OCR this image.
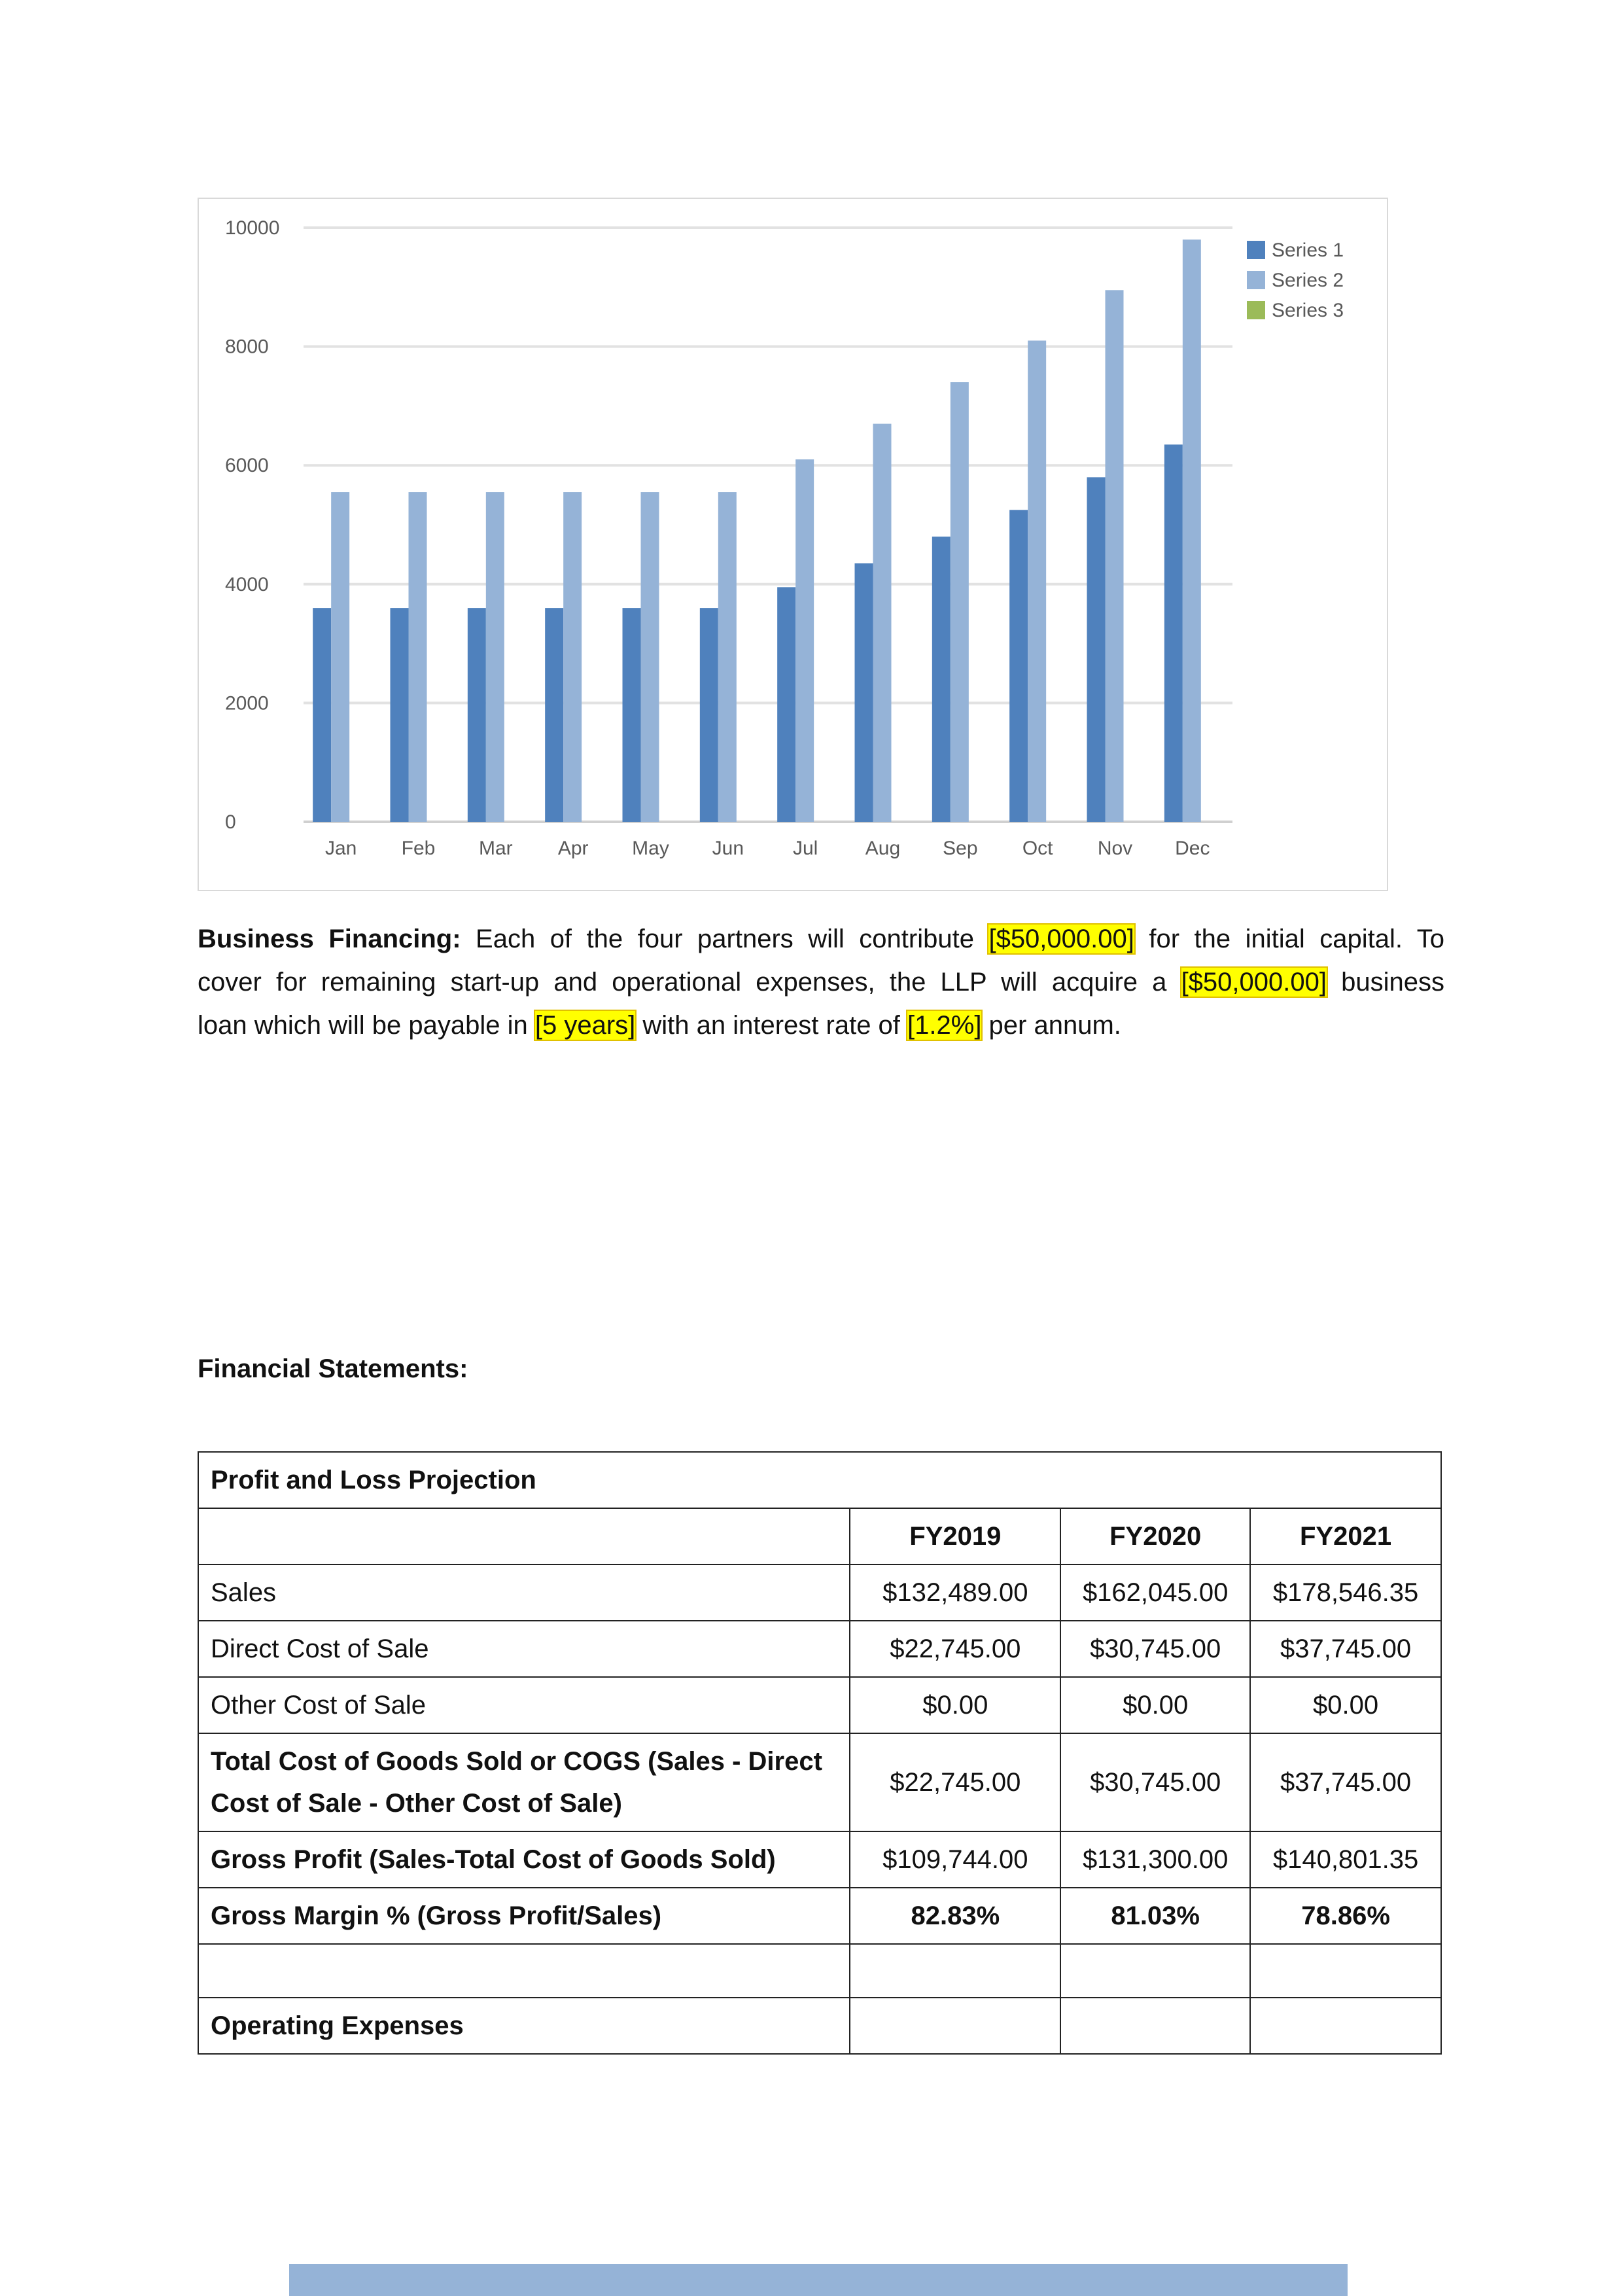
0
2000
4000
6000
8000
10000
Jan Feb Mar Apr May Jun Jul Aug Sep Oct Nov Dec
Series 1
Series 2
Series 3
Business Financing: Each of the four partners will contribute [$50,000.00] for the initial capital. To
cover for remaining start-up and operational expenses, the LLP will acquire a [$50,000.00] business
loan which will be payable in [5 years] with an interest rate of [1.2%] per annum.
Financial Statements:
Profit and Loss Projection			
	FY2019	FY2020	FY2021
Sales	$132,489.00	$162,045.00	$178,546.35
Direct Cost of Sale	$22,745.00	$30,745.00	$37,745.00
Other Cost of Sale	$0.00	$0.00	$0.00
Total Cost of Goods Sold or COGS (Sales - Direct
Cost of Sale - Other Cost of Sale)	$22,745.00	$30,745.00	$37,745.00
Gross Profit (Sales-Total Cost of Goods Sold)	$109,744.00	$131,300.00	$140,801.35
Gross Margin % (Gross Profit/Sales)	82.83%	81.03%	78.86%

Operating Expenses			
